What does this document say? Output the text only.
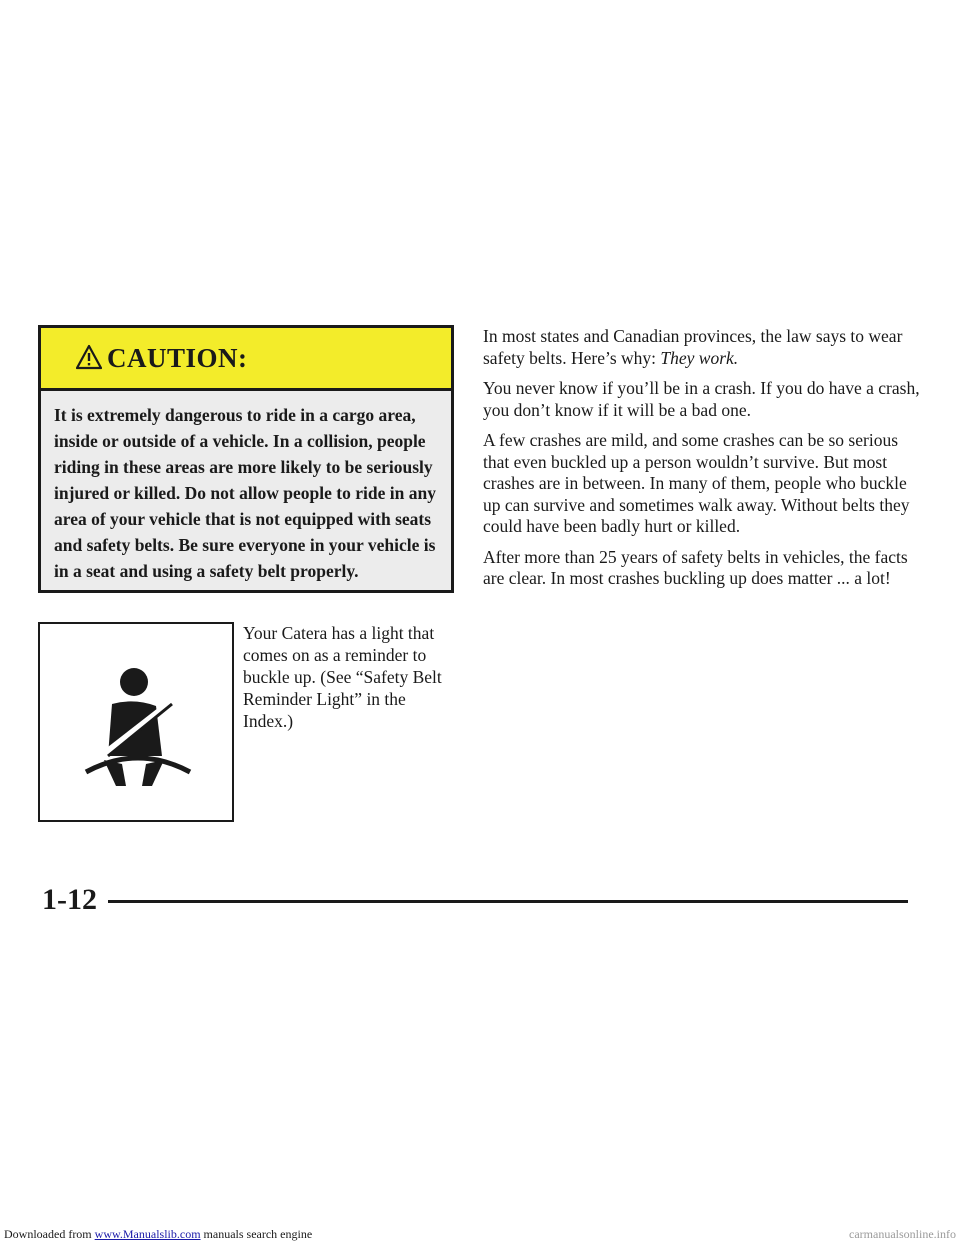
CAUTION:
It is extremely dangerous to ride in a cargo area, inside or outside of a vehicle. In a collision, people riding in these areas are more likely to be seriously injured or killed. Do not allow people to ride in any area of your vehicle that is not equipped with seats and safety belts. Be sure everyone in your vehicle is in a seat and using a safety belt properly.
Your Catera has a light that comes on as a reminder to buckle up. (See “Safety Belt Reminder Light” in the Index.)

In most states and Canadian provinces, the law says to wear safety belts. Here’s why: They work.

You never know if you’ll be in a crash. If you do have a crash, you don’t know if it will be a bad one.

A few crashes are mild, and some crashes can be so serious that even buckled up a person wouldn’t survive. But most crashes are in between. In many of them, people who buckle up can survive and sometimes walk away. Without belts they could have been badly hurt or killed.

After more than 25 years of safety belts in vehicles, the facts are clear. In most crashes buckling up does matter ... a lot!

1-12
Downloaded from www.Manualslib.com manuals search engine	carmanualsonline.info
